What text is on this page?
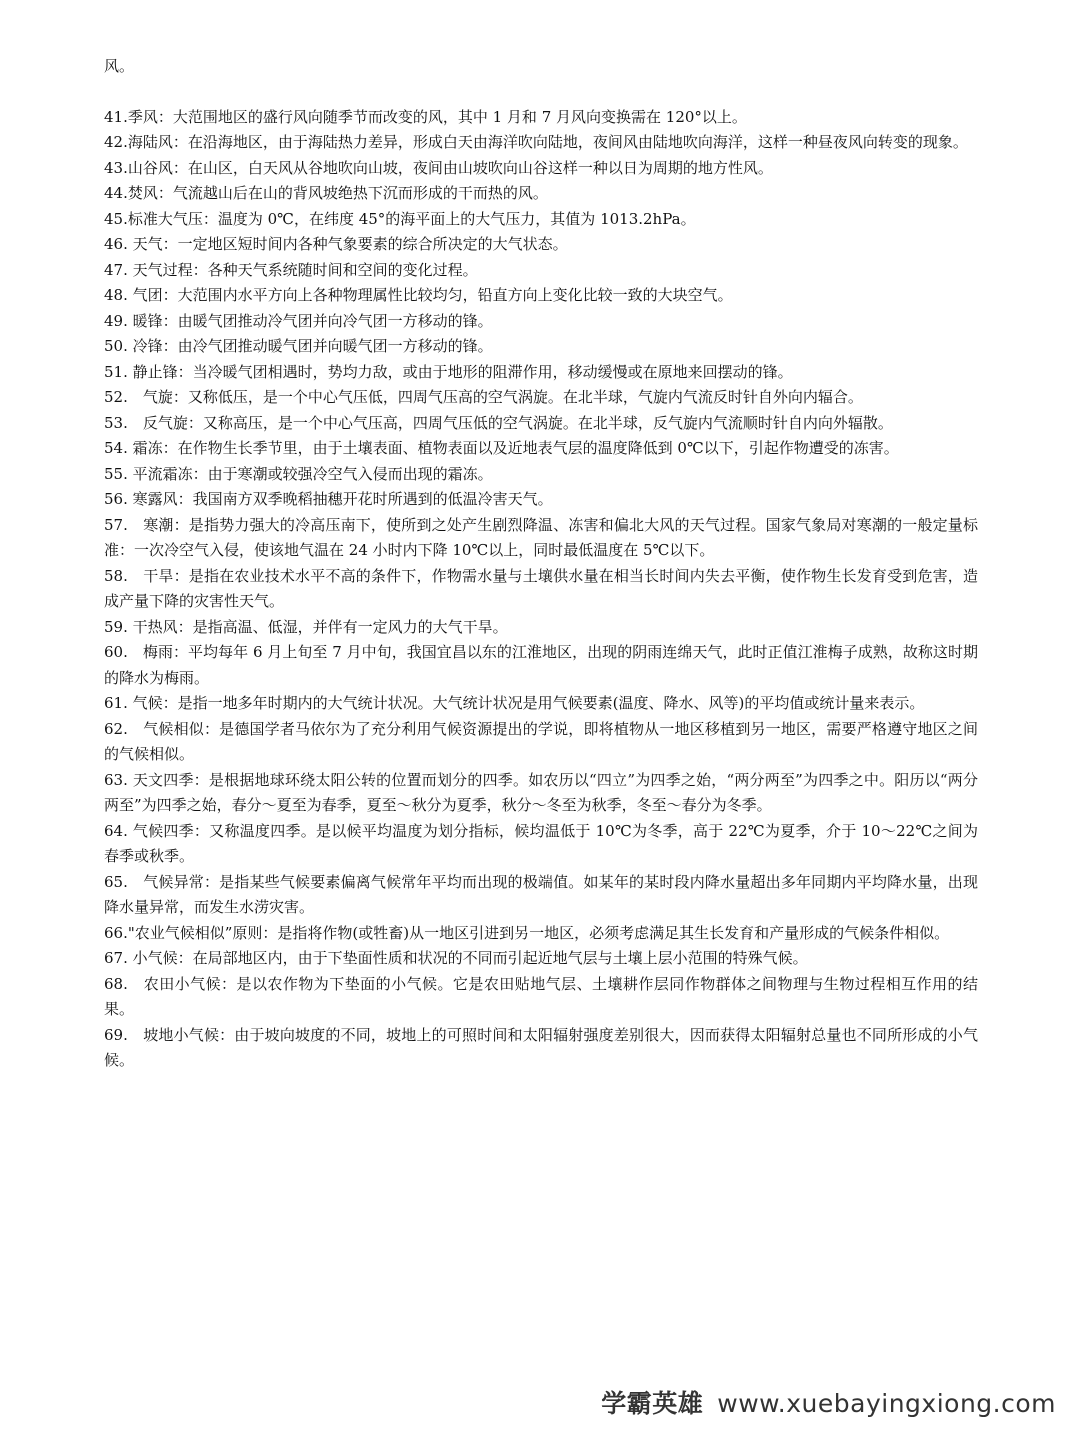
风。

41.季风：大范围地区的盛行风向随季节而改变的风，其中 1 月和 7 月风向变换需在 120°以上。

42.海陆风：在沿海地区，由于海陆热力差异，形成白天由海洋吹向陆地，夜间风由陆地吹向海洋，这样一种昼夜风向转变的现象。

43.山谷风：在山区，白天风从谷地吹向山坡，夜间由山坡吹向山谷这样一种以日为周期的地方性风。

44.焚风：气流越山后在山的背风坡绝热下沉而形成的干而热的风。

45.标准大气压：温度为 0℃，在纬度 45°的海平面上的大气压力，其值为 1013.2hPa。

46. 天气：一定地区短时间内各种气象要素的综合所决定的大气状态。

47. 天气过程：各种天气系统随时间和空间的变化过程。

48. 气团：大范围内水平方向上各种物理属性比较均匀，铅直方向上变化比较一致的大块空气。

49. 暖锋：由暖气团推动冷气团并向冷气团一方移动的锋。

50. 冷锋：由冷气团推动暖气团并向暖气团一方移动的锋。

51. 静止锋：当冷暖气团相遇时，势均力敌，或由于地形的阻滞作用，移动缓慢或在原地来回摆动的锋。

52.　气旋：又称低压，是一个中心气压低，四周气压高的空气涡旋。在北半球，气旋内气流反时针自外向内辐合。

53.　反气旋：又称高压，是一个中心气压高，四周气压低的空气涡旋。在北半球，反气旋内气流顺时针自内向外辐散。

54. 霜冻：在作物生长季节里，由于土壤表面、植物表面以及近地表气层的温度降低到 0℃以下，引起作物遭受的冻害。

55. 平流霜冻：由于寒潮或较强冷空气入侵而出现的霜冻。

56. 寒露风：我国南方双季晚稻抽穗开花时所遇到的低温冷害天气。

57.　寒潮：是指势力强大的冷高压南下，使所到之处产生剧烈降温、冻害和偏北大风的天气过程。国家气象局对寒潮的一般定量标准：一次冷空气入侵，使该地气温在 24 小时内下降 10℃以上，同时最低温度在 5℃以下。

58.　干旱：是指在农业技术水平不高的条件下，作物需水量与土壤供水量在相当长时间内失去平衡，使作物生长发育受到危害，造成产量下降的灾害性天气。

59. 干热风：是指高温、低湿，并伴有一定风力的大气干旱。

60.　梅雨：平均每年 6 月上旬至 7 月中旬，我国宜昌以东的江淮地区，出现的阴雨连绵天气，此时正值江淮梅子成熟，故称这时期的降水为梅雨。

61. 气候：是指一地多年时期内的大气统计状况。大气统计状况是用气候要素(温度、降水、风等)的平均值或统计量来表示。

62.　气候相似：是德国学者马依尔为了充分利用气候资源提出的学说，即将植物从一地区移植到另一地区，需要严格遵守地区之间的气候相似。

63. 天文四季：是根据地球环绕太阳公转的位置而划分的四季。如农历以“四立”为四季之始，“两分两至”为四季之中。阳历以“两分两至”为四季之始，春分～夏至为春季，夏至～秋分为夏季，秋分～冬至为秋季，冬至～春分为冬季。

64. 气候四季：又称温度四季。是以候平均温度为划分指标，候均温低于 10℃为冬季，高于 22℃为夏季，介于 10～22℃之间为春季或秋季。

65.　气候异常：是指某些气候要素偏离气候常年平均而出现的极端值。如某年的某时段内降水量超出多年同期内平均降水量，出现降水量异常，而发生水涝灾害。

66."农业气候相似”原则：是指将作物(或牲畜)从一地区引进到另一地区，必须考虑满足其生长发育和产量形成的气候条件相似。

67. 小气候：在局部地区内，由于下垫面性质和状况的不同而引起近地气层与土壤上层小范围的特殊气候。

68.　农田小气候：是以农作物为下垫面的小气候。它是农田贴地气层、土壤耕作层同作物群体之间物理与生物过程相互作用的结果。

69.　坡地小气候：由于坡向坡度的不同，坡地上的可照时间和太阳辐射强度差别很大，因而获得太阳辐射总量也不同所形成的小气候。

学霸英雄 www.xuebayingxiong.com
